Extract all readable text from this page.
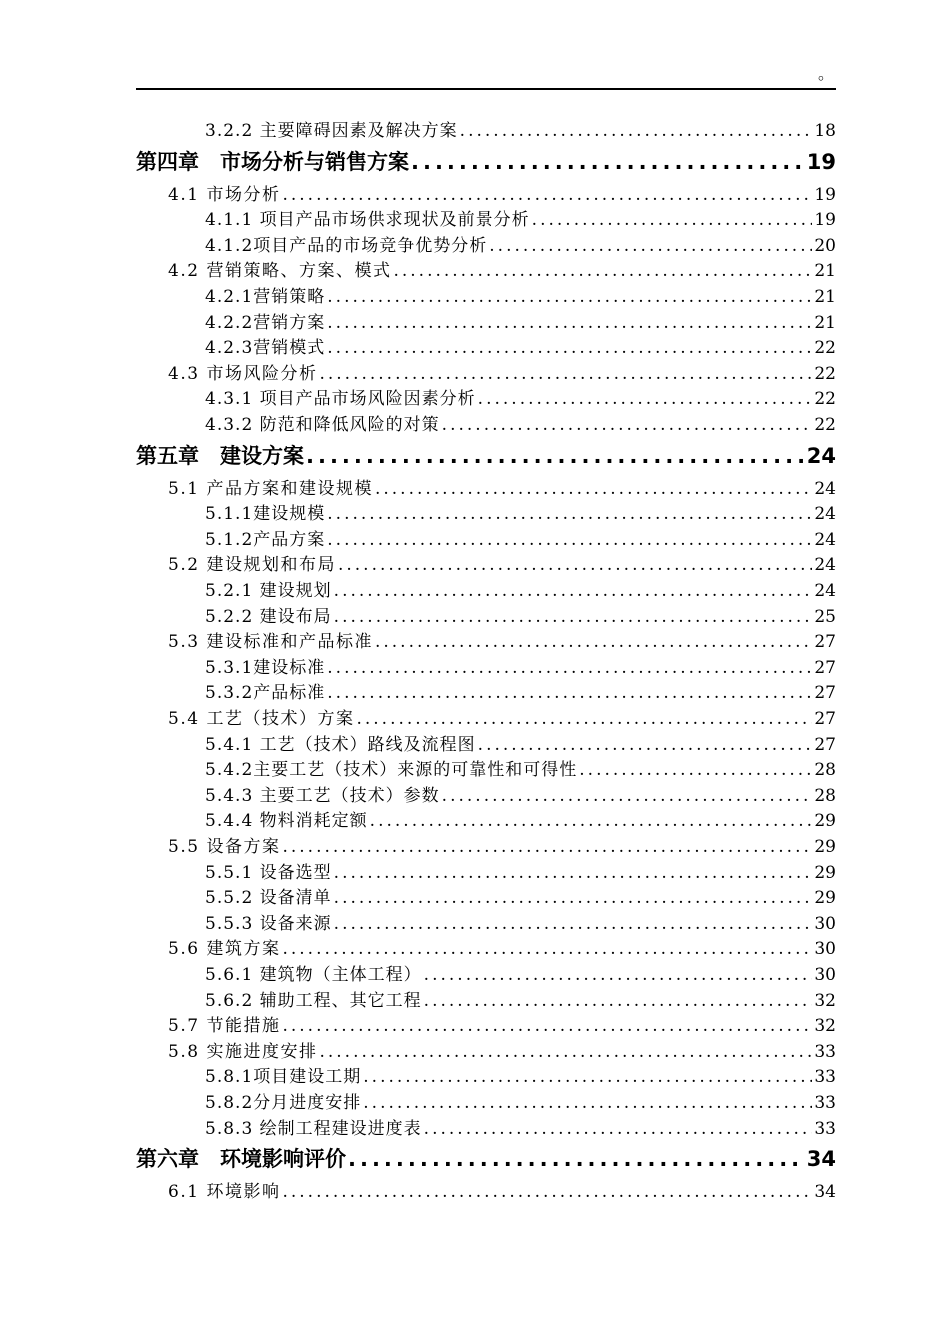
。
3.2.2 主要障碍因素及解决方案 .....	18
第四章　市场分析与销售方案 .....	19
4.1 市场分析 .....	19
4.1.1 项目产品市场供求现状及前景分析 .....	19
4.1.2项目产品的市场竞争优势分析 .....	20
4.2 营销策略、方案、模式 .....	21
4.2.1营销策略 .....	21
4.2.2营销方案 .....	21
4.2.3营销模式 .....	22
4.3 市场风险分析 .....	22
4.3.1 项目产品市场风险因素分析 .....	22
4.3.2 防范和降低风险的对策 .....	22
第五章　建设方案 .....	24
5.1 产品方案和建设规模 .....	24
5.1.1建设规模 .....	24
5.1.2产品方案 .....	24
5.2 建设规划和布局 .....	24
5.2.1 建设规划 .....	24
5.2.2 建设布局 .....	25
5.3 建设标准和产品标准 .....	27
5.3.1建设标准 .....	27
5.3.2产品标准 .....	27
5.4 工艺（技术）方案 .....	27
5.4.1 工艺（技术）路线及流程图 .....	27
5.4.2主要工艺（技术）来源的可靠性和可得性 .....	28
5.4.3 主要工艺（技术）参数 .....	28
5.4.4 物料消耗定额 .....	29
5.5 设备方案 .....	29
5.5.1 设备选型 .....	29
5.5.2 设备清单 .....	29
5.5.3 设备来源 .....	30
5.6 建筑方案 .....	30
5.6.1 建筑物（主体工程） .....	30
5.6.2 辅助工程、其它工程 .....	32
5.7 节能措施 .....	32
5.8 实施进度安排 .....	33
5.8.1项目建设工期 .....	33
5.8.2分月进度安排 .....	33
5.8.3 绘制工程建设进度表 .....	33
第六章　环境影响评价 .....	34
6.1 环境影响 .....	34
